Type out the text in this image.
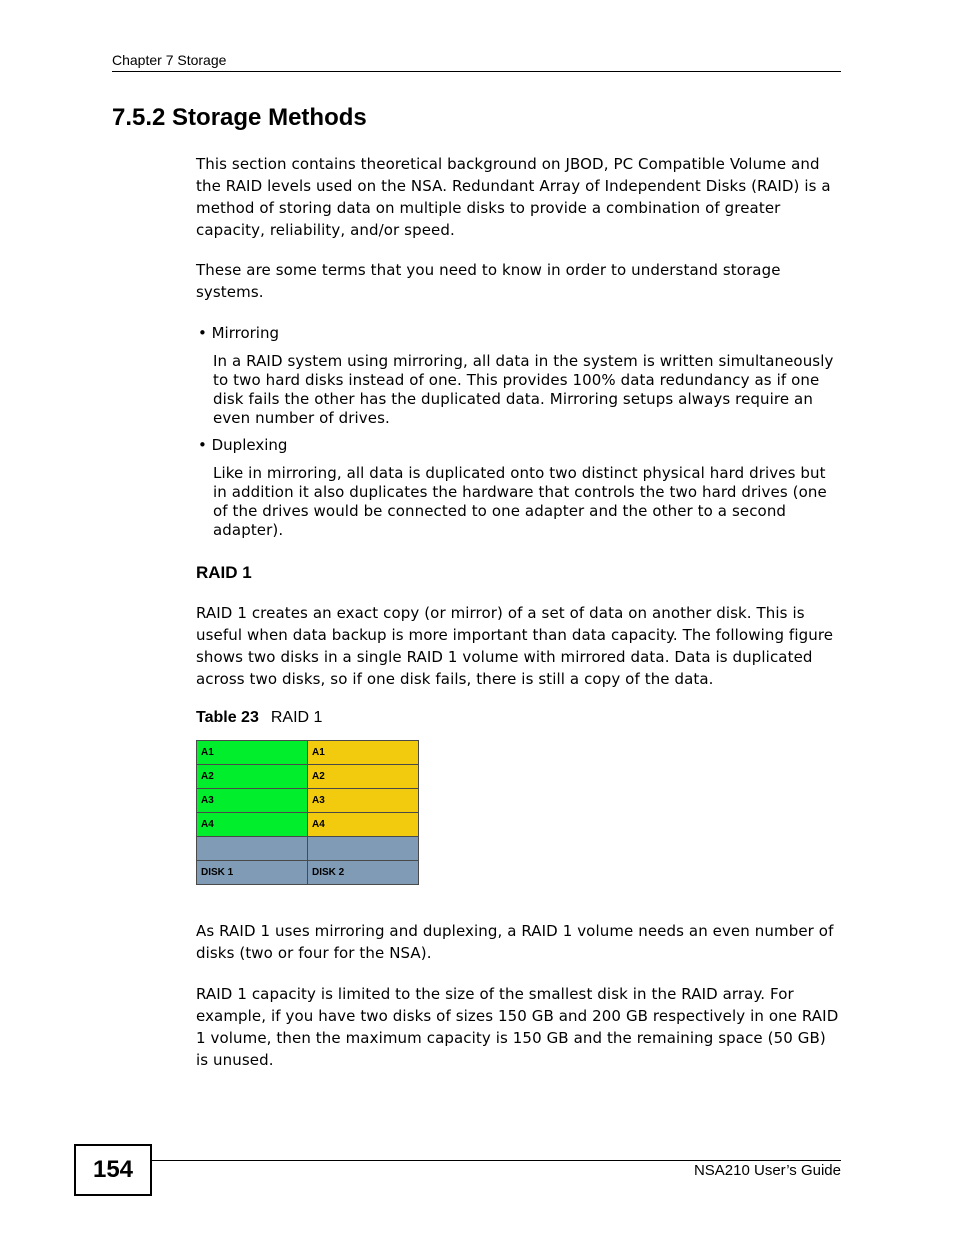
Chapter 7 Storage
7.5.2 Storage Methods

This section contains theoretical background on JBOD, PC Compatible Volume and the RAID levels used on the NSA. Redundant Array of Independent Disks (RAID) is a method of storing data on multiple disks to provide a combination of greater capacity, reliability, and/or speed.

These are some terms that you need to know in order to understand storage systems.

• Mirroring

In a RAID system using mirroring, all data in the system is written simultaneously to two hard disks instead of one. This provides 100% data redundancy as if one disk fails the other has the duplicated data. Mirroring setups always require an even number of drives.

• Duplexing

Like in mirroring, all data is duplicated onto two distinct physical hard drives but in addition it also duplicates the hardware that controls the two hard drives (one of the drives would be connected to one adapter and the other to a second adapter).

RAID 1

RAID 1 creates an exact copy (or mirror) of a set of data on another disk. This is useful when data backup is more important than data capacity. The following figure shows two disks in a single RAID 1 volume with mirrored data. Data is duplicated across two disks, so if one disk fails, there is still a copy of the data.

Table 23 RAID 1
A1	A1
A2	A2
A3	A3
A4	A4

DISK 1	DISK 2

As RAID 1 uses mirroring and duplexing, a RAID 1 volume needs an even number of disks (two or four for the NSA).

RAID 1 capacity is limited to the size of the smallest disk in the RAID array. For example, if you have two disks of sizes 150 GB and 200 GB respectively in one RAID 1 volume, then the maximum capacity is 150 GB and the remaining space (50 GB) is unused.

154	NSA210 User’s Guide
